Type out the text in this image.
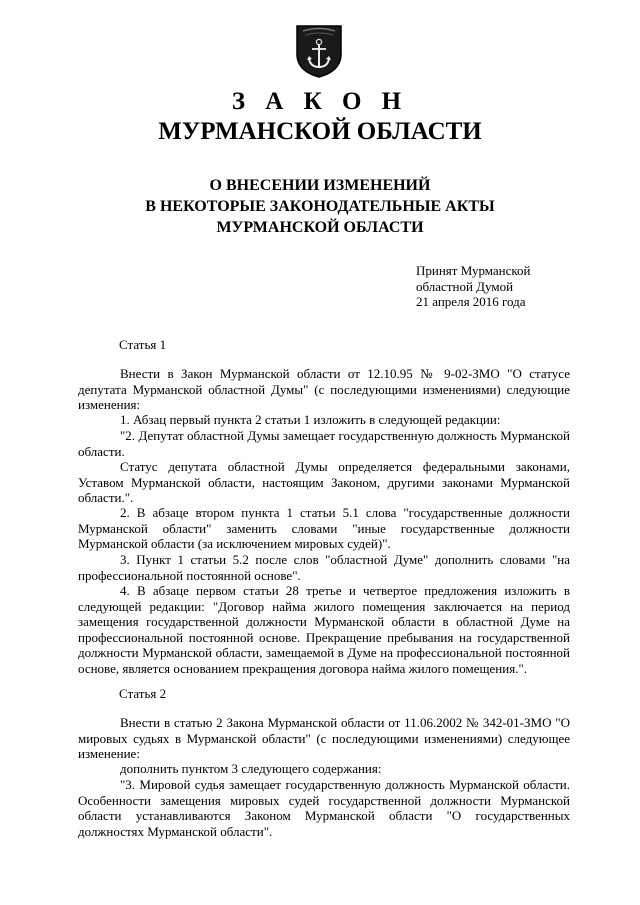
З А К О Н
МУРМАНСКОЙ ОБЛАСТИ
О ВНЕСЕНИИ ИЗМЕНЕНИЙ
В НЕКОТОРЫЕ ЗАКОНОДАТЕЛЬНЫЕ АКТЫ
МУРМАНСКОЙ ОБЛАСТИ
Принят Мурманской
областной Думой
21 апреля 2016 года
Статья 1
Внести в Закон Мурманской области от 12.10.95 № 9-02-ЗМО "О статусе депутата Мурманской областной Думы" (с последующими изменениями) следующие изменения:
1. Абзац первый пункта 2 статьи 1 изложить в следующей редакции:
"2. Депутат областной Думы замещает государственную должность Мурманской области.
Статус депутата областной Думы определяется федеральными законами, Уставом Мурманской области, настоящим Законом, другими законами Мурманской области.".
2. В абзаце втором пункта 1 статьи 5.1 слова "государственные должности Мурманской области" заменить словами "иные государственные должности Мурманской области (за исключением мировых судей)".
3. Пункт 1 статьи 5.2 после слов "областной Думе" дополнить словами "на профессиональной постоянной основе".
4. В абзаце первом статьи 28 третье и четвертое предложения изложить в следующей редакции: "Договор найма жилого помещения заключается на период замещения государственной должности Мурманской области в областной Думе на профессиональной постоянной основе. Прекращение пребывания на государственной должности Мурманской области, замещаемой в Думе на профессиональной постоянной основе, является основанием прекращения договора найма жилого помещения.".
Статья 2
Внести в статью 2 Закона Мурманской области от 11.06.2002 № 342-01-ЗМО "О мировых судьях в Мурманской области" (с последующими изменениями) следующее изменение:
дополнить пунктом 3 следующего содержания:
"3. Мировой судья замещает государственную должность Мурманской области. Особенности замещения мировых судей государственной должности Мурманской области устанавливаются Законом Мурманской области "О государственных должностях Мурманской области".
